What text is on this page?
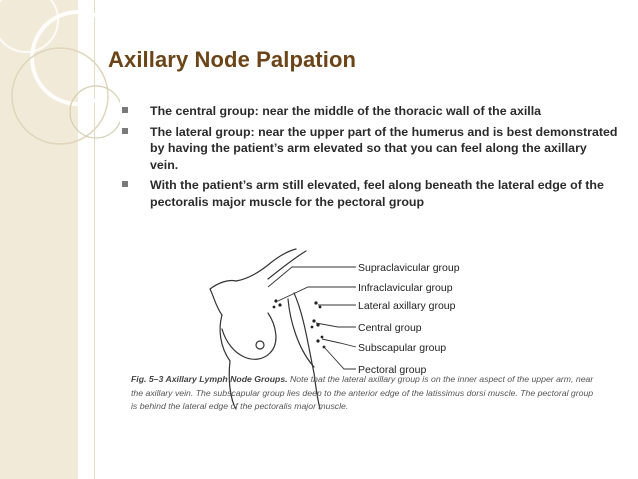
Axillary Node Palpation
The central group: near the middle of the thoracic wall of the axilla
The lateral group: near the upper part of the humerus and is best demonstrated by having the patient’s arm elevated so that you can feel along the axillary vein.
With the patient’s arm still elevated, feel along beneath the lateral edge of the pectoralis major muscle for the pectoral group
Supraclavicular group
Infraclavicular group
Lateral axillary group
Central group
Subscapular group
Pectoral group
Fig. 5–3 Axillary Lymph Node Groups. Note that the lateral axillary group is on the inner aspect of the upper arm, near the axillary vein. The subscapular group lies deep to the anterior edge of the latissimus dorsi muscle. The pectoral group is behind the lateral edge of the pectoralis major muscle.
